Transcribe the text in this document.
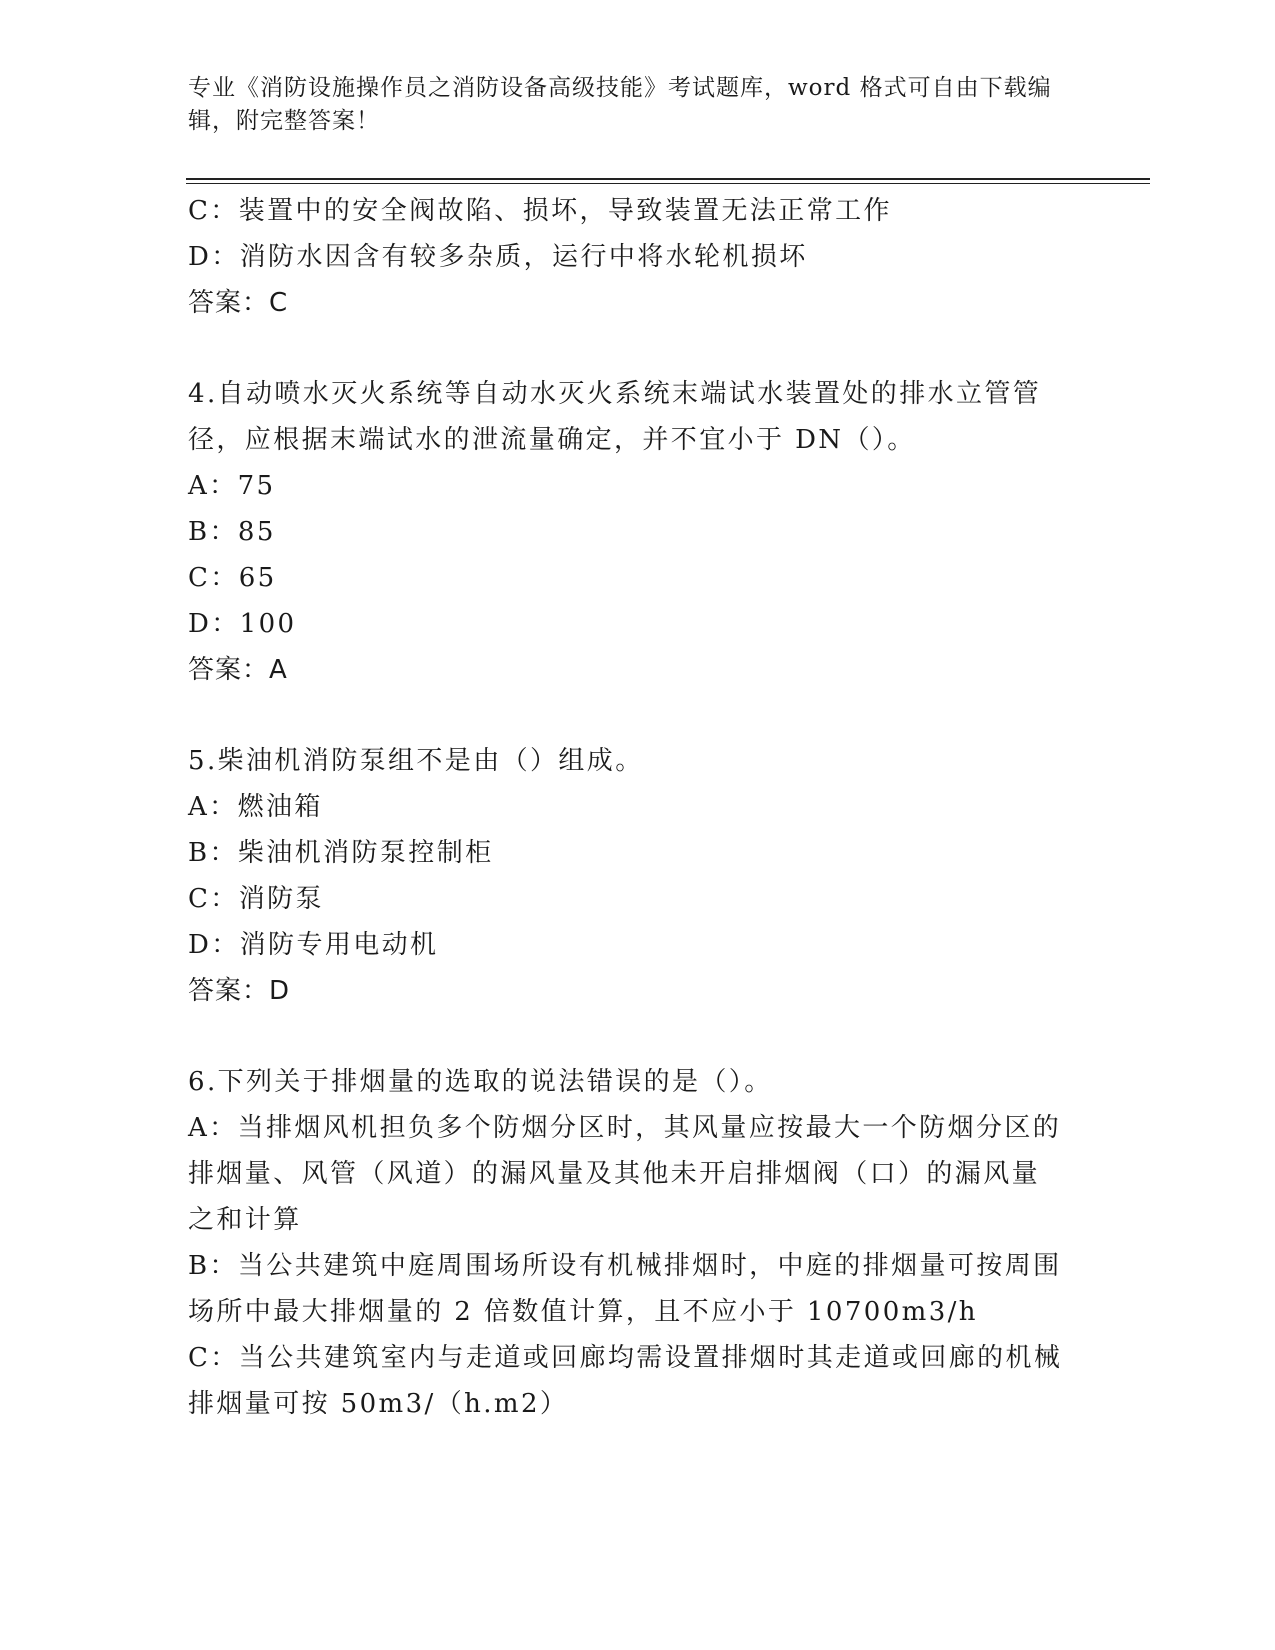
专业《消防设施操作员之消防设备高级技能》考试题库，word 格式可自由下载编
辑，附完整答案！

C：装置中的安全阀故陷、损坏，导致装置无法正常工作

D：消防水因含有较多杂质，运行中将水轮机损坏

答案：C

4.自动喷水灭火系统等自动水灭火系统末端试水装置处的排水立管管

径，应根据末端试水的泄流量确定，并不宜小于 DN（）。

A：75

B：85

C：65

D：100

答案：A

5.柴油机消防泵组不是由（）组成。

A：燃油箱

B：柴油机消防泵控制柜

C：消防泵

D：消防专用电动机

答案：D

6.下列关于排烟量的选取的说法错误的是（）。

A：当排烟风机担负多个防烟分区时，其风量应按最大一个防烟分区的

排烟量、风管（风道）的漏风量及其他未开启排烟阀（口）的漏风量

之和计算

B：当公共建筑中庭周围场所设有机械排烟时，中庭的排烟量可按周围

场所中最大排烟量的 2 倍数值计算，且不应小于 10700m3/h

C：当公共建筑室内与走道或回廊均需设置排烟时其走道或回廊的机械

排烟量可按 50m3/（h.m2）
